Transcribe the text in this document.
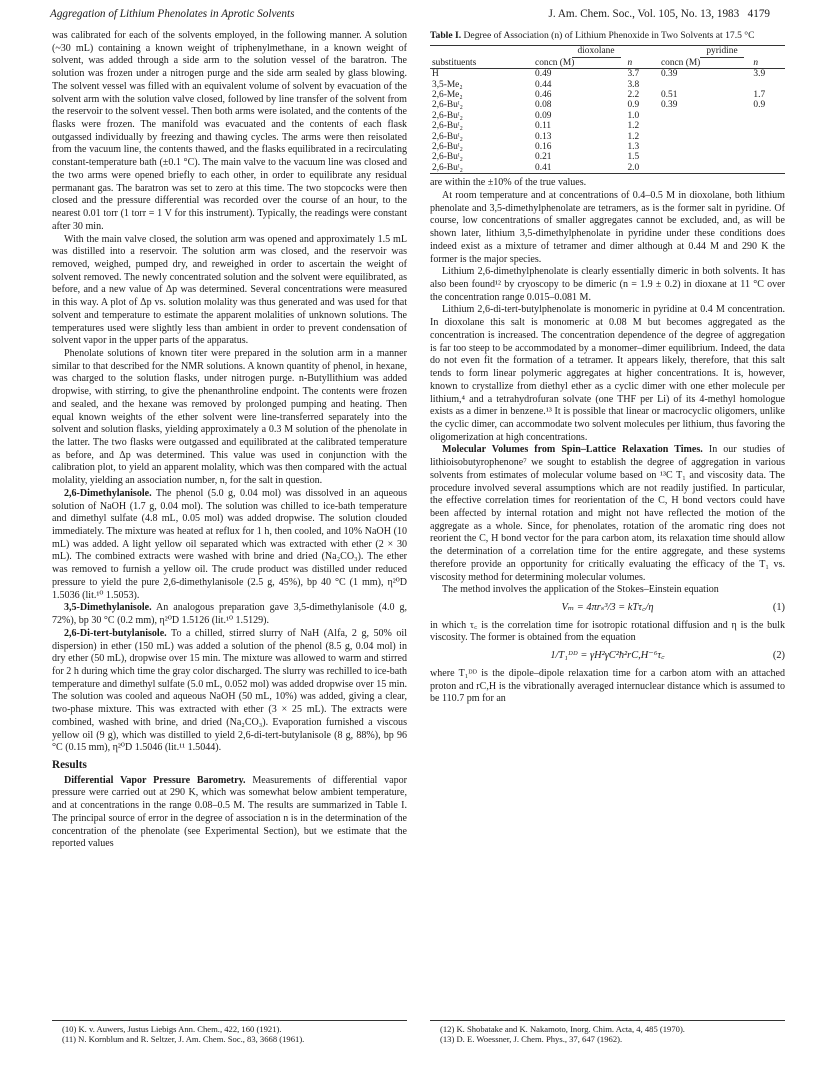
Aggregation of Lithium Phenolates in Aprotic Solvents	J. Am. Chem. Soc., Vol. 105, No. 13, 1983 4179

was calibrated for each of the solvents employed, in the following manner. A solution (~30 mL) containing a known weight of triphenylmethane, in a known weight of solvent, was added through a side arm to the solution vessel of the baratron. The solution was frozen under a nitrogen purge and the side arm sealed by glass blowing. The solvent vessel was filled with an equivalent volume of solvent by evacuation of the solvent arm with the solution valve closed, followed by line transfer of the solvent from the reservoir to the solvent vessel. Then both arms were isolated, and the contents of the flasks were frozen. The manifold was evacuated and the contents of each flask outgassed individually by freezing and thawing cycles. The arms were then reisolated from the vacuum line, the contents thawed, and the flasks equilibrated in a recirculating constant-temperature bath (±0.1 °C). The main valve to the vacuum line was closed and the two arms were opened briefly to each other, in order to equilibrate any residual permanant gas. The baratron was set to zero at this time. The two stopcocks were then closed and the pressure differential was recorded over the course of an hour, to the nearest 0.01 torr (1 torr = 1 V for this instrument). Typically, the readings were constant after 30 min.

With the main valve closed, the solution arm was opened and approximately 1.5 mL was distilled into a reservoir. The solution arm was closed, and the reservoir was removed, weighed, pumped dry, and reweighed in order to ascertain the weight of solvent removed. The newly concentrated solution and the solvent were equilibrated, as before, and a new value of Δp was determined. Several concentrations were measured in this way. A plot of Δp vs. solution molality was thus generated and was used for that solvent and temperature to estimate the apparent molalities of unknown solutions. The temperatures used were slightly less than ambient in order to prevent condensation of solvent vapor in the upper parts of the apparatus.

Phenolate solutions of known titer were prepared in the solution arm in a manner similar to that described for the NMR solutions. A known quantity of phenol, in hexane, was charged to the solution flasks, under nitrogen purge. n-Butyllithium was added dropwise, with stirring, to give the phenanthroline endpoint. The contents were frozen and sealed, and the hexane was removed by prolonged pumping and heating. Then equal known weights of the ether solvent were line-transferred separately into the solvent and solution flasks, yielding approximately a 0.3 M solution of the phenolate in the latter. The two flasks were outgassed and equilibrated at the calibrated temperature as before, and Δp was determined. This value was used in conjunction with the calibration plot, to yield an apparent molality, which was then compared with the actual molality, yielding an association number, n, for the salt in question.

2,6-Dimethylanisole. The phenol (5.0 g, 0.04 mol) was dissolved in an aqueous solution of NaOH (1.7 g, 0.04 mol). The solution was chilled to ice-bath temperature and dimethyl sulfate (4.8 mL, 0.05 mol) was added dropwise. The solution clouded immediately. The mixture was heated at reflux for 1 h, then cooled, and 10% NaOH (10 mL) was added. A light yellow oil separated which was extracted with ether (2 × 30 mL). The combined extracts were washed with brine and dried (Na₂CO₃). The ether was removed to furnish a yellow oil. The crude product was distilled under reduced pressure to yield the pure 2,6-dimethylanisole (2.5 g, 45%), bp 40 °C (1 mm), η²⁰D 1.5036 (lit.¹⁰ 1.5053).

3,5-Dimethylanisole. An analogous preparation gave 3,5-dimethylanisole (4.0 g, 72%), bp 30 °C (0.2 mm), η²⁰D 1.5126 (lit.¹⁰ 1.5129).

2,6-Di-tert-butylanisole. To a chilled, stirred slurry of NaH (Alfa, 2 g, 50% oil dispersion) in ether (150 mL) was added a solution of the phenol (8.5 g, 0.04 mol) in dry ether (50 mL), dropwise over 15 min. The mixture was allowed to warm and stirred for 2 h during which time the gray color discharged. The slurry was rechilled to ice-bath temperature and dimethyl sulfate (5.0 mL, 0.052 mol) was added dropwise over 15 min. The solution was cooled and aqueous NaOH (50 mL, 10%) was added, giving a clear, two-phase mixture. This was extracted with ether (3 × 25 mL). The extracts were combined, washed with brine, and dried (Na₂CO₃). Evaporation furnished a viscous yellow oil (9 g), which was distilled to yield 2,6-di-tert-butylanisole (8 g, 88%), bp 96 °C (0.15 mm), η²⁰D 1.5046 (lit.¹¹ 1.5044).

Results

Differential Vapor Pressure Barometry. Measurements of differential vapor pressure were carried out at 290 K, which was somewhat below ambient temperature, and at concentrations in the range 0.08–0.5 M. The results are summarized in Table I. The principal source of error in the degree of association n is in the determination of the concentration of the phenolate (see Experimental Section), but we estimate that the reported values

Table I. Degree of Association (n) of Lithium Phenoxide in Two Solvents at 17.5 °C
	dioxolane		pyridine	
substituents	concn (M)	n	concn (M)	n
H	0.49	3.7	0.39	3.9
3,5-Me₂	0.44	3.8		
2,6-Me₂	0.46	2.2	0.51	1.7
2,6-Buᵗ₂	0.08	0.9	0.39	0.9
2,6-Buᵗ₂	0.09	1.0		
2,6-Buᵗ₂	0.11	1.2		
2,6-Buᵗ₂	0.13	1.2		
2,6-Buᵗ₂	0.16	1.3		
2,6-Buᵗ₂	0.21	1.5		
2,6-Buᵗ₂	0.41	2.0		

are within the ±10% of the true values.

At room temperature and at concentrations of 0.4–0.5 M in dioxolane, both lithium phenolate and 3,5-dimethylphenolate are tetramers, as is the former salt in pyridine. Of course, low concentrations of smaller aggregates cannot be excluded, and, as will be shown later, lithium 3,5-dimethylphenolate in pyridine under these conditions does indeed exist as a mixture of tetramer and dimer although at 0.44 M and 290 K the former is the major species.

Lithium 2,6-dimethylphenolate is clearly essentially dimeric in both solvents. It has also been found¹² by cryoscopy to be dimeric (n = 1.9 ± 0.2) in dioxane at 11 °C over the concentration range 0.015–0.081 M.

Lithium 2,6-di-tert-butylphenolate is monomeric in pyridine at 0.4 M concentration. In dioxolane this salt is monomeric at 0.08 M but becomes aggregated as the concentration is increased. The concentration dependence of the degree of aggregation is far too steep to be accommodated by a monomer–dimer equilibrium. Indeed, the data do not even fit the formation of a tetramer. It appears likely, therefore, that this salt tends to form linear polymeric aggregates at higher concentrations. It is, however, known to crystallize from diethyl ether as a cyclic dimer with one ether molecule per lithium,⁴ and a tetrahydrofuran solvate (one THF per Li) of its 4-methyl homologue exists as a dimer in benzene.¹³ It is possible that linear or macrocyclic oligomers, unlike the cyclic dimer, can accommodate two solvent molecules per lithium, thus favoring the oligomerization at high concentrations.

Molecular Volumes from Spin–Lattice Relaxation Times. In our studies of lithioisobutyrophenone⁷ we sought to establish the degree of aggregation in various solvents from estimates of molecular volume based on ¹³C T₁ and viscosity data. The procedure involved several assumptions which are not readily justified. In particular, the effective correlation times for reorientation of the C, H bond vectors could have been affected by internal rotation and might not have reflected the motion of the aggregate as a whole. Since, for phenolates, rotation of the aromatic ring does not reorient the C, H bond vector for the para carbon atom, its relaxation time should allow the determination of a correlation time for the entire aggregate, and these systems therefore provide an opportunity for critically evaluating the efficacy of the T₁ vs. viscosity method for determining molecular volumes.

The method involves the application of the Stokes–Einstein equation

Vₘ = 4πrₛ³/3 = kTτ꜀/η	(1)

in which τ꜀ is the correlation time for isotropic rotational diffusion and η is the bulk viscosity. The former is obtained from the equation

1/T₁ᴰᴰ = γH²γC²ħ²rC,H⁻⁶τ꜀	(2)

where T₁ᴰᴰ is the dipole–dipole relaxation time for a carbon atom with an attached proton and rC,H is the vibrationally averaged internuclear distance which is assumed to be 110.7 pm for an

(10) K. v. Auwers, Justus Liebigs Ann. Chem., 422, 160 (1921).
(11) N. Kornblum and R. Seltzer, J. Am. Chem. Soc., 83, 3668 (1961).
(12) K. Shobatake and K. Nakamoto, Inorg. Chim. Acta, 4, 485 (1970).
(13) D. E. Woessner, J. Chem. Phys., 37, 647 (1962).
